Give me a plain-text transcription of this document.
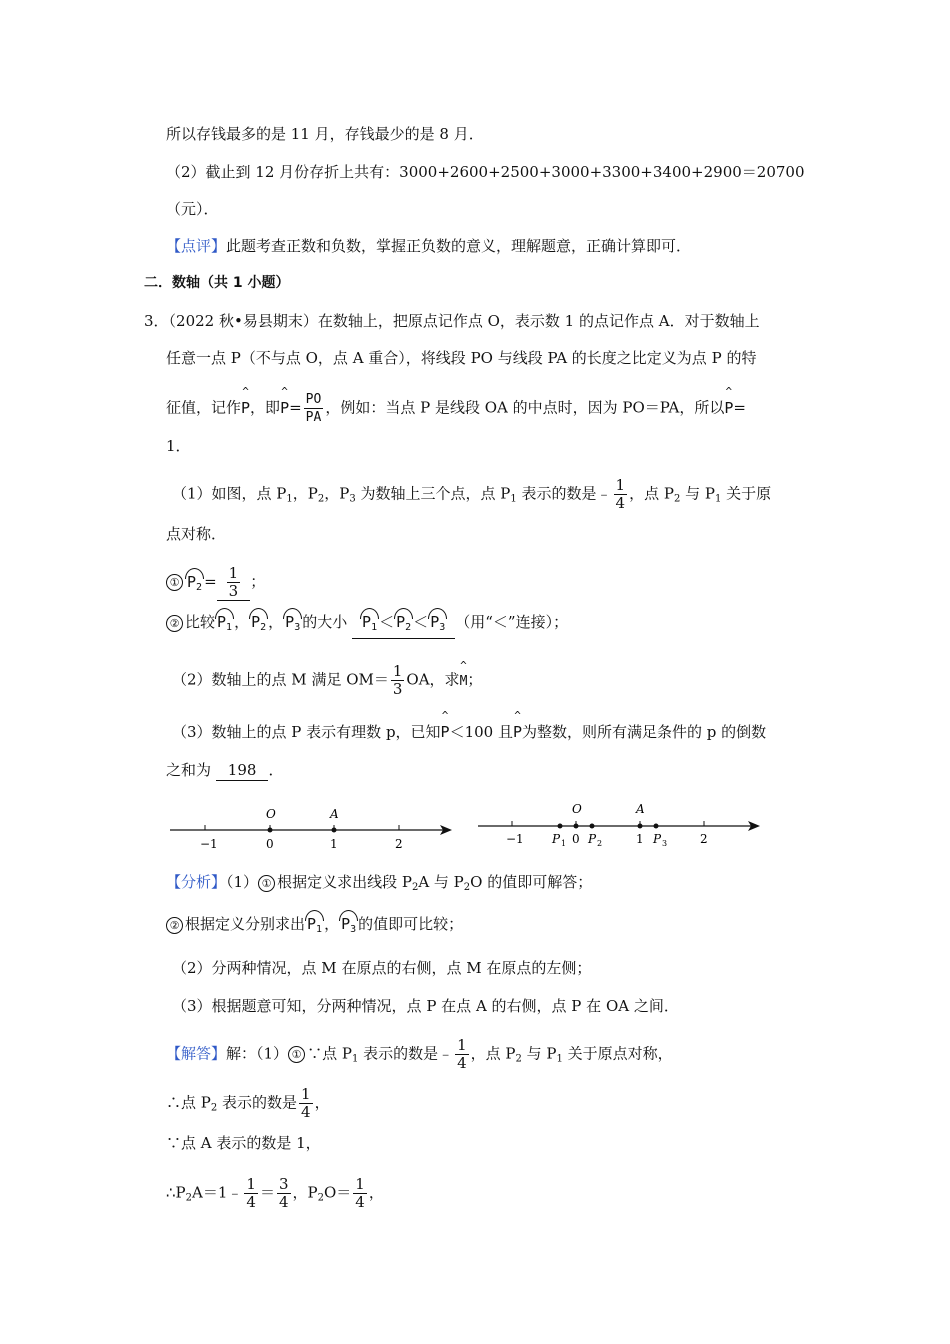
所以存钱最多的是 11 月，存钱最少的是 8 月．
（2）截止到 12 月份存折上共有：3000+2600+2500+3000+3300+3400+2900＝20700
（元）．
【点评】此题考查正数和负数，掌握正负数的意义，理解题意，正确计算即可．
二．数轴（共 1 小题）
3．（2022 秋•易县期末）在数轴上，把原点记作点 O，表示数 1 的点记作点 A．对于数轴上
任意一点 P（不与点 O，点 A 重合），将线段 PO 与线段 PA 的长度之比定义为点 P 的特
征值，记作^ P，即^ $P= \frac{PO}{PA}$ ，例如：当点 P 是线段 OA 的中点时，因为 PO＝PA，所以^ P=
1．
（1）如图，点 $P_1$，$P_2$，$P_3$ 为数轴上三个点，点 $P_1$ 表示的数是﹣ $\frac{1}{4}$ ，点 $P_2$ 与 $P_1$ 关于原
点对称．
① $P_2 = \frac{1}{3}$ ；
② 比较 $P_1$ ， $P_2$ ， $P_3$ 的大小 $P_1 < P_2 < P_3$ （用“＜”连接）；
（2）数轴上的点 M 满足 $OM= \frac{1}{3}$ OA，求^ M；
（3）数轴上的点 P 表示有理数 p，已知^ P＜100 且^ P为整数，则所有满足条件的 p 的倒数
之和为 198 ．
−1	0	1	2
O	A
−1	0	1	2
O	A
P 1 P 2	P 3
【分析】（1） ① 根据定义求出线段 $P_2A$ 与 $P_2O$ 的值即可解答；
② 根据定义分别求出 $P_1$ ， $P_3$ 的值即可比较；
（2）分两种情况，点 M 在原点的右侧，点 M 在原点的左侧；
（3）根据题意可知，分两种情况，点 P 在点 A 的右侧，点 P 在 OA 之间．
【解答】解：（1） ① ∵点 $P_1$ 表示的数是﹣ $\frac{1}{4}$ ，点 $P_2$ 与 $P_1$ 关于原点对称，
∴点 $P_2$ 表示的数是 $\frac{1}{4}$ ，
∵点 A 表示的数是 1，
$\therefore P_2A=1﹣ \frac{1}{4} = \frac{3}{4}$ ，$P_2O= \frac{1}{4}$ ，
